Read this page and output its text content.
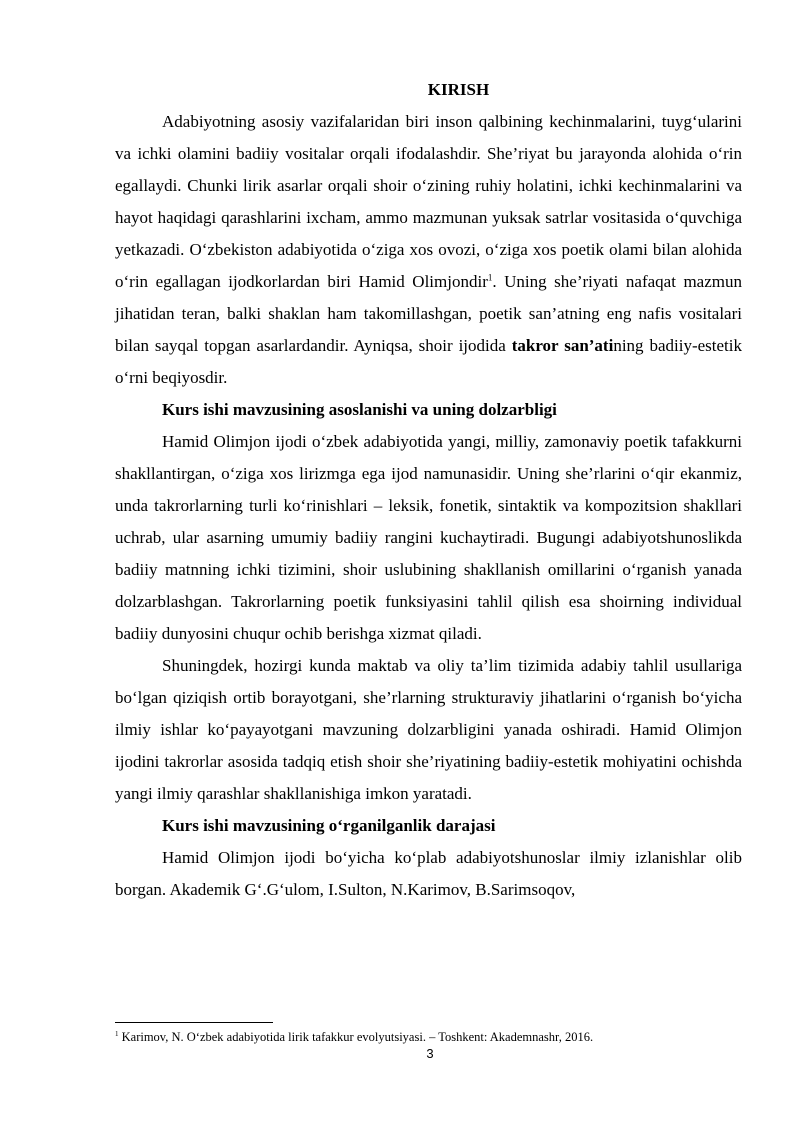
KIRISH

Adabiyotning asosiy vazifalaridan biri inson qalbining kechinmalarini, tuyg‘ularini va ichki olamini badiiy vositalar orqali ifodalashdir. She’riyat bu jarayonda alohida o‘rin egallaydi. Chunki lirik asarlar orqali shoir o‘zining ruhiy holatini, ichki kechinmalarini va hayot haqidagi qarashlarini ixcham, ammo mazmunan yuksak satrlar vositasida o‘quvchiga yetkazadi. O‘zbekiston adabiyotida o‘ziga xos ovozi, o‘ziga xos poetik olami bilan alohida o‘rin egallagan ijodkorlardan biri Hamid Olimjondir$^1$. Uning she’riyati nafaqat mazmun jihatidan teran, balki shaklan ham takomillashgan, poetik san’atning eng nafis vositalari bilan sayqal topgan asarlardandir. Ayniqsa, shoir ijodida takror san’atining badiiy-estetik o‘rni beqiyosdir.

Kurs ishi mavzusining asoslanishi va uning dolzarbligi

Hamid Olimjon ijodi o‘zbek adabiyotida yangi, milliy, zamonaviy poetik tafakkurni shakllantirgan, o‘ziga xos lirizmga ega ijod namunasidir. Uning she’rlarini o‘qir ekanmiz, unda takrorlarning turli ko‘rinishlari – leksik, fonetik, sintaktik va kompozitsion shakllari uchrab, ular asarning umumiy badiiy rangini kuchaytiradi. Bugungi adabiyotshunoslikda badiiy matnning ichki tizimini, shoir uslubining shakllanish omillarini o‘rganish yanada dolzarblashgan. Takrorlarning poetik funksiyasini tahlil qilish esa shoirning individual badiiy dunyosini chuqur ochib berishga xizmat qiladi.

Shuningdek, hozirgi kunda maktab va oliy ta’lim tizimida adabiy tahlil usullariga bo‘lgan qiziqish ortib borayotgani, she’rlarning strukturaviy jihatlarini o‘rganish bo‘yicha ilmiy ishlar ko‘payayotgani mavzuning dolzarbligini yanada oshiradi. Hamid Olimjon ijodini takrorlar asosida tadqiq etish shoir she’riyatining badiiy-estetik mohiyatini ochishda yangi ilmiy qarashlar shakllanishiga imkon yaratadi.

Kurs ishi mavzusining o‘rganilganlik darajasi

Hamid Olimjon ijodi bo‘yicha ko‘plab adabiyotshunoslar ilmiy izlanishlar olib borgan. Akademik G‘.G‘ulom, I.Sulton, N.Karimov, B.Sarimsoqov,

$^1$ Karimov, N. O‘zbek adabiyotida lirik tafakkur evolyutsiyasi. – Toshkent: Akademnashr, 2016.

3
